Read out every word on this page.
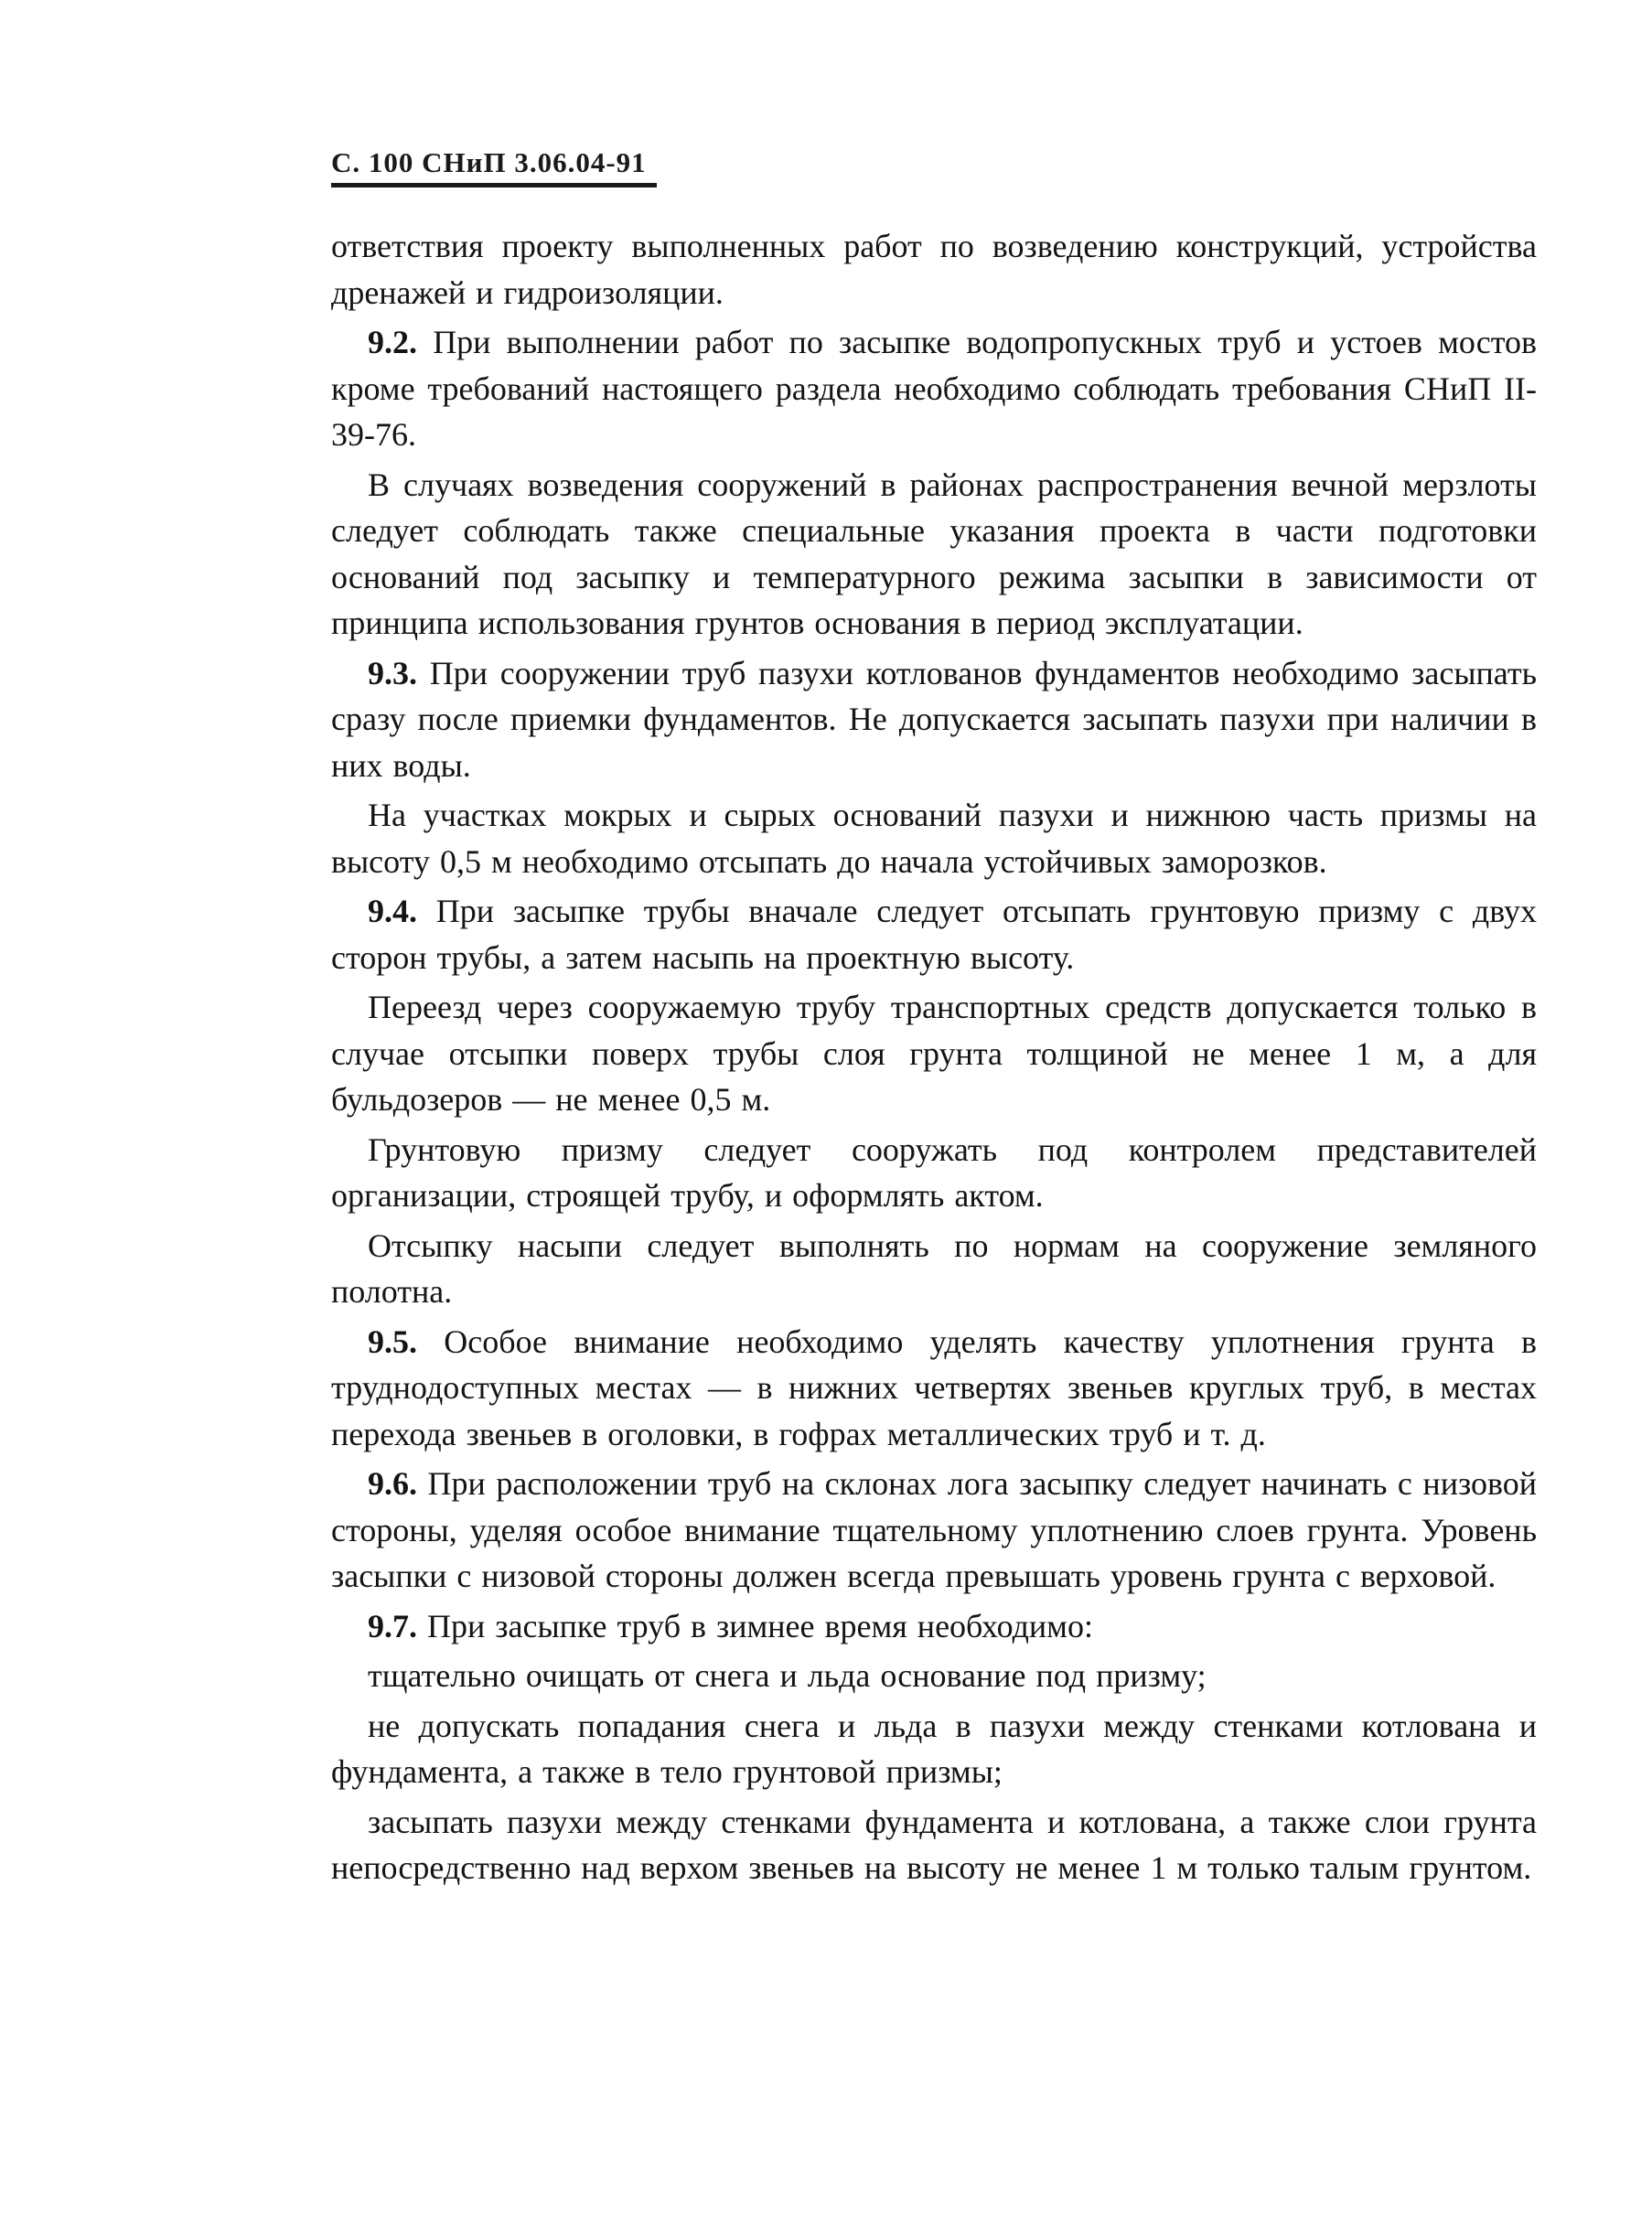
С. 100 СНиП 3.06.04-91

ответствия проекту выполненных работ по возведению конструкций, устройства дренажей и гидроизоляции.

9.2. При выполнении работ по засыпке водопропускных труб и устоев мостов кроме требований настоящего раздела необходимо соблюдать требования СНиП II-39-76.

В случаях возведения сооружений в районах распространения вечной мерзлоты следует соблюдать также специальные указания проекта в части подготовки оснований под засыпку и температурного режима засыпки в зависимости от принципа использования грунтов основания в период эксплуатации.

9.3. При сооружении труб пазухи котлованов фундаментов необходимо засыпать сразу после приемки фундаментов. Не допускается засыпать пазухи при наличии в них воды.

На участках мокрых и сырых оснований пазухи и нижнюю часть призмы на высоту 0,5 м необходимо отсыпать до начала устойчивых заморозков.

9.4. При засыпке трубы вначале следует отсыпать грунтовую призму с двух сторон трубы, а затем насыпь на проектную высоту.

Переезд через сооружаемую трубу транспортных средств допускается только в случае отсыпки поверх трубы слоя грунта толщиной не менее 1 м, а для бульдозеров — не менее 0,5 м.

Грунтовую призму следует сооружать под контролем представителей организации, строящей трубу, и оформлять актом.

Отсыпку насыпи следует выполнять по нормам на сооружение земляного полотна.

9.5. Особое внимание необходимо уделять качеству уплотнения грунта в труднодоступных местах — в нижних четвертях звеньев круглых труб, в местах перехода звеньев в оголовки, в гофрах металлических труб и т. д.

9.6. При расположении труб на склонах лога засыпку следует начинать с низовой стороны, уделяя особое внимание тщательному уплотнению слоев грунта. Уровень засыпки с низовой стороны должен всегда превышать уровень грунта с верховой.

9.7. При засыпке труб в зимнее время необходимо:

тщательно очищать от снега и льда основание под призму;

не допускать попадания снега и льда в пазухи между стенками котлована и фундамента, а также в тело грунтовой призмы;

засыпать пазухи между стенками фундамента и котлована, а также слои грунта непосредственно над верхом звеньев на высоту не менее 1 м только талым грунтом.
